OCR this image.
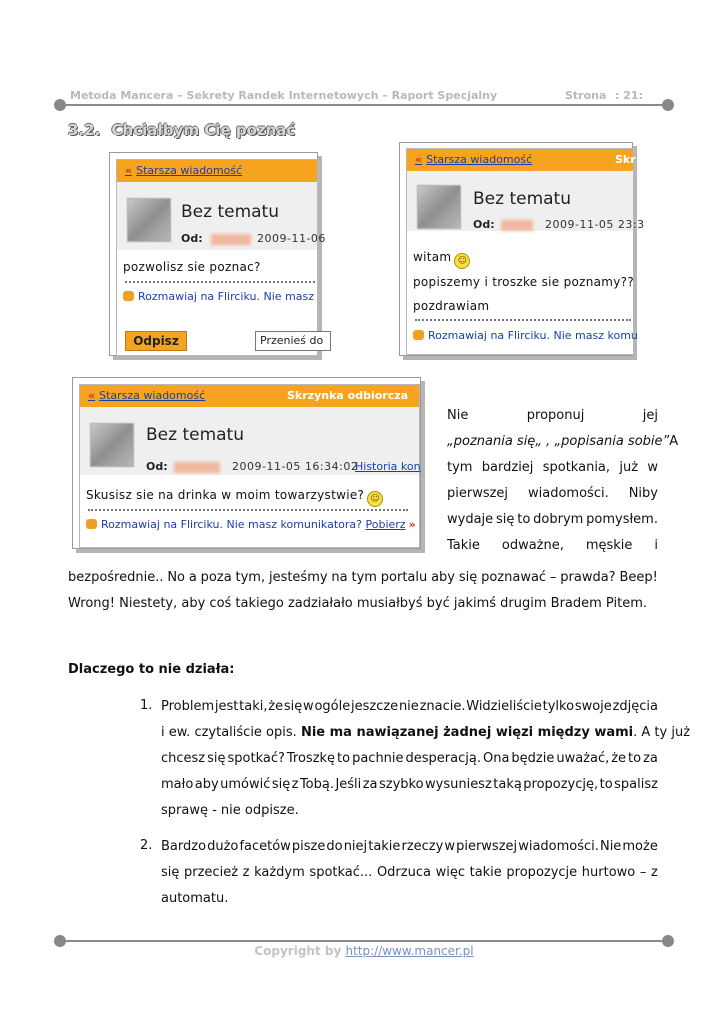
Metoda Mancera – Sekrety Randek Internetowych – Raport Specjalny	Strona : 21:
3.2. Chciałbym Cię poznać
« Starsza wiadomość
Bez tematu
Od:	2009-11-06
pozwolisz sie poznac?
Rozmawiaj na Flirciku. Nie masz
Odpisz	Przenieś do
« Starsza wiadomość	Skr
Bez tematu
Od:	2009-11-05 23:3
witam ☺
popiszemy i troszke sie poznamy??
pozdrawiam
Rozmawiaj na Flirciku. Nie masz komu
« Starsza wiadomość	Skrzynka odbiorcza
Bez tematu
Od:	2009-11-05 16:34:02
Historia kon
Skusisz sie na drinka w moim towarzystwie? ☺
Rozmawiaj na Flirciku. Nie masz komunikatora? Pobierz »
Nie	proponuj	jej
„poznania się„ , „popisania sobie” A
tym bardziej spotkania, już w
pierwszej wiadomości. Niby
wydaje się to dobrym pomysłem.
Takie odważne, męskie i
bezpośrednie.. No a poza tym, jesteśmy na tym portalu aby się poznawać – prawda? Beep!
Wrong! Niestety, aby coś takiego zadziałało musiałbyś być jakimś drugim Bradem Pitem.
Dlaczego to nie działa:
1. Problem jest taki, że się w ogóle jeszcze nie znacie. Widzieliście tylko swoje zdjęcia
i ew. czytaliście opis. Nie ma nawiązanej żadnej więzi między wami. A ty już
chcesz się spotkać? Troszkę to pachnie desperacją. Ona będzie uważać, że to za
mało aby umówić się z Tobą. Jeśli za szybko wysuniesz taką propozycję, to spalisz
sprawę - nie odpisze.
2. Bardzo dużo facetów pisze do niej takie rzeczy w pierwszej wiadomości. Nie może
się przecież z każdym spotkać... Odrzuca więc takie propozycje hurtowo – z
automatu.
Copyright by http://www.mancer.pl
